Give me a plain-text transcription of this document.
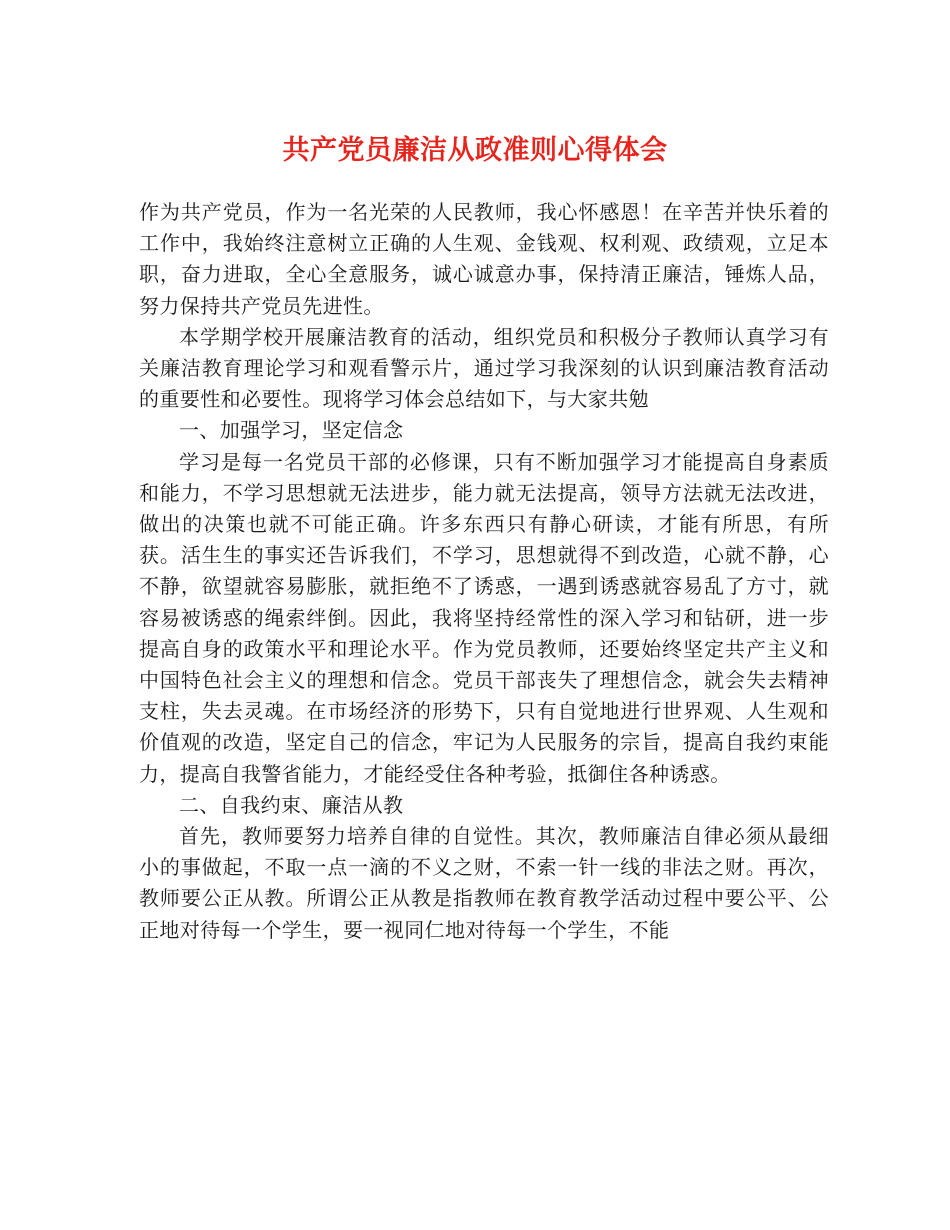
共产党员廉洁从政准则心得体会

作为共产党员，作为一名光荣的人民教师，我心怀感恩！在辛苦并快乐着的工作中，我始终注意树立正确的人生观、金钱观、权利观、政绩观，立足本职，奋力进取，全心全意服务，诚心诚意办事，保持清正廉洁，锤炼人品，努力保持共产党员先进性。

本学期学校开展廉洁教育的活动，组织党员和积极分子教师认真学习有关廉洁教育理论学习和观看警示片，通过学习我深刻的认识到廉洁教育活动的重要性和必要性。现将学习体会总结如下，与大家共勉

一、加强学习，坚定信念

学习是每一名党员干部的必修课，只有不断加强学习才能提高自身素质和能力，不学习思想就无法进步，能力就无法提高，领导方法就无法改进，做出的决策也就不可能正确。许多东西只有静心研读，才能有所思，有所获。活生生的事实还告诉我们，不学习，思想就得不到改造，心就不静，心不静，欲望就容易膨胀，就拒绝不了诱惑，一遇到诱惑就容易乱了方寸，就容易被诱惑的绳索绊倒。因此，我将坚持经常性的深入学习和钻研，进一步提高自身的政策水平和理论水平。作为党员教师，还要始终坚定共产主义和中国特色社会主义的理想和信念。党员干部丧失了理想信念，就会失去精神支柱，失去灵魂。在市场经济的形势下，只有自觉地进行世界观、人生观和价值观的改造，坚定自己的信念，牢记为人民服务的宗旨，提高自我约束能力，提高自我警省能力，才能经受住各种考验，抵御住各种诱惑。

二、自我约束、廉洁从教

首先，教师要努力培养自律的自觉性。其次，教师廉洁自律必须从最细小的事做起，不取一点一滴的不义之财，不索一针一线的非法之财。再次，教师要公正从教。所谓公正从教是指教师在教育教学活动过程中要公平、公正地对待每一个学生，要一视同仁地对待每一个学生，不能
